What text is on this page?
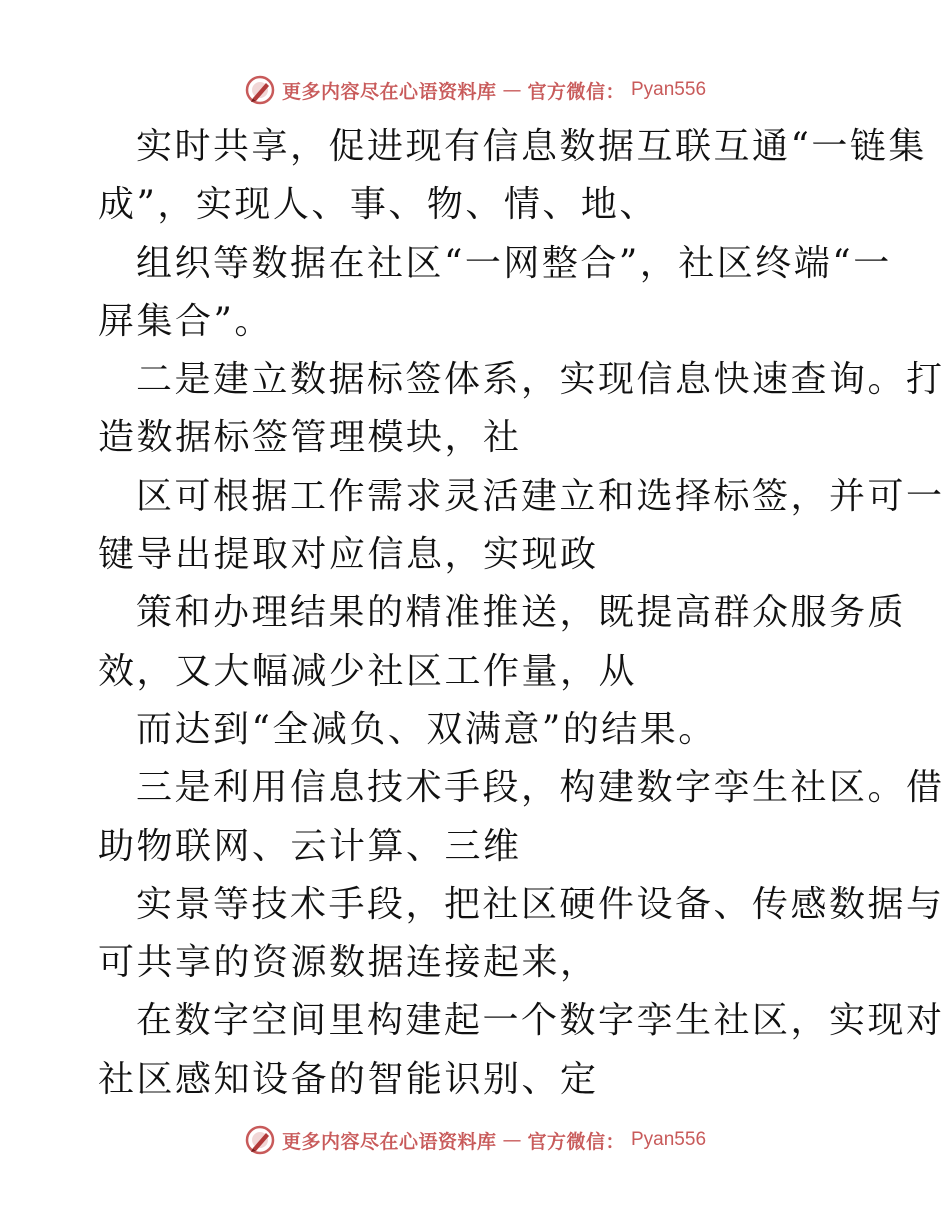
更多内容尽在心语资料库 — 官方微信： Pyan556
实时共享，促进现有信息数据互联互通“一链集
成”，实现人、事、物、情、地、
组织等数据在社区“一网整合”，社区终端“一
屏集合”。
二是建立数据标签体系，实现信息快速查询。打
造数据标签管理模块，社
区可根据工作需求灵活建立和选择标签，并可一
键导出提取对应信息，实现政
策和办理结果的精准推送，既提高群众服务质
效，又大幅减少社区工作量，从
而达到“全减负、双满意”的结果。
三是利用信息技术手段，构建数字孪生社区。借
助物联网、云计算、三维
实景等技术手段，把社区硬件设备、传感数据与
可共享的资源数据连接起来，
在数字空间里构建起一个数字孪生社区，实现对
社区感知设备的智能识别、定
更多内容尽在心语资料库 — 官方微信： Pyan556
